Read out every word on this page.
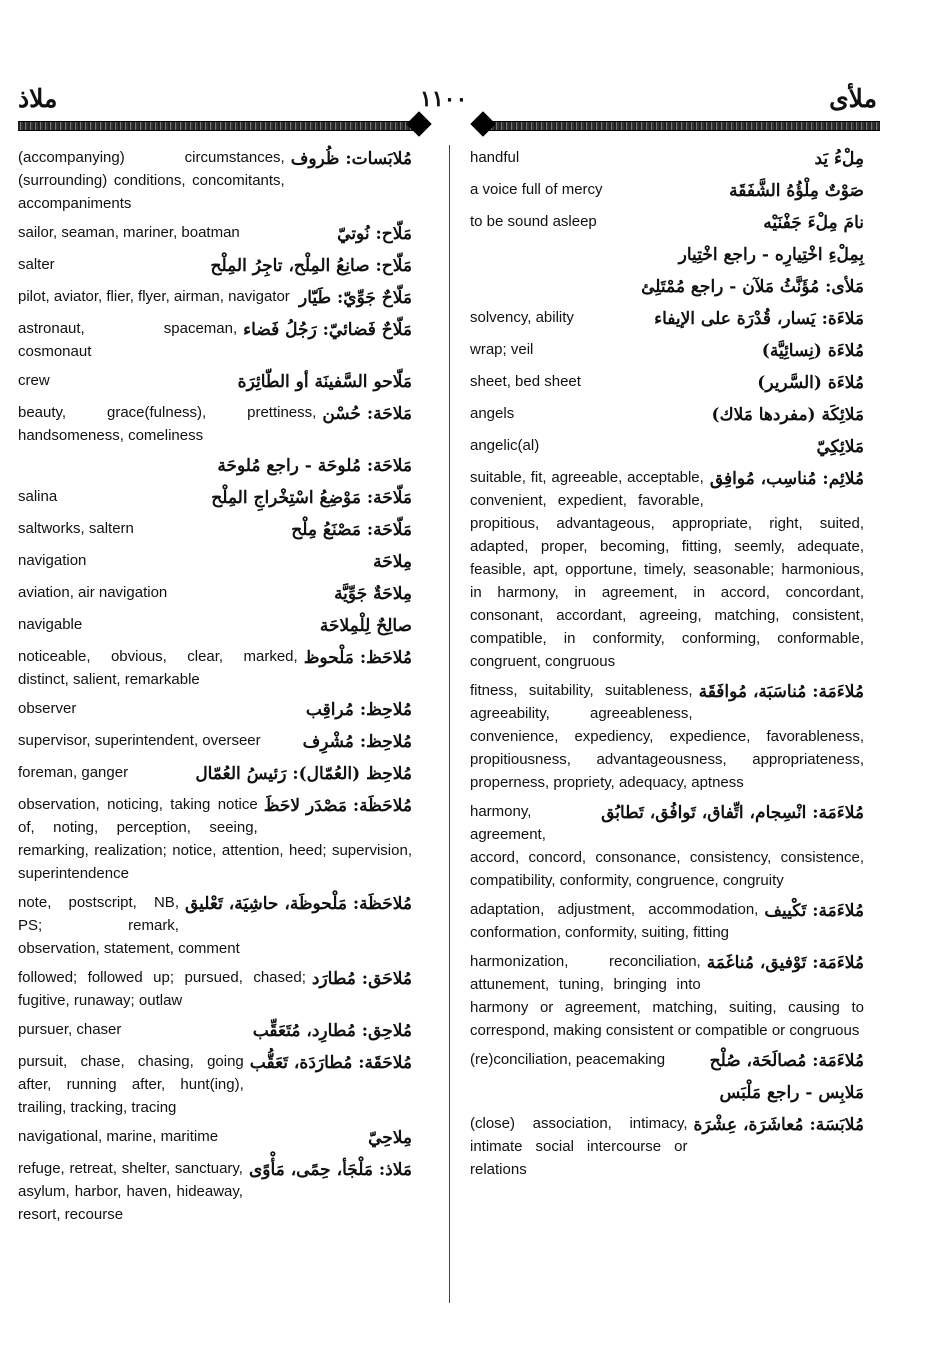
ملاذ	١١٠٠	ملأى
مُلابَسات: ظُروف
(accompanying) circumstances, (surrounding) conditions, concomitants, accompaniments
مَلّاح: نُوتيّ
sailor, seaman, mariner, boatman
مَلّاح: صانِعُ المِلْح، تاجِرُ المِلْح
salter
مَلّاحٌ جَوِّيّ: طَيّار
pilot, aviator, flier, flyer, airman, navigator
مَلّاحٌ فَضائيّ: رَجُلُ فَضاء
astronaut, spaceman, cosmonaut
مَلّاحو السَّفينَة أو الطّائِرَة
crew
مَلاحَة: حُسْن
beauty, grace(fulness), prettiness, handsomeness, comeliness
مَلاحَة: مُلوحَة - راجع مُلوحَة
مَلّاحَة: مَوْضِعُ اسْتِخْراجِ المِلْح
salina
مَلّاحَة: مَصْنَعُ مِلْح
saltworks, saltern
مِلاحَة
navigation
مِلاحَةٌ جَوِّيَّة
aviation, air navigation
صالِحٌ لِلْمِلاحَة
navigable
مُلاحَظ: مَلْحوظ
noticeable, obvious, clear, marked, distinct, salient, remarkable
مُلاحِظ: مُراقِب
observer
مُلاحِظ: مُشْرِف
supervisor, superintendent, overseer
مُلاحِظ (العُمّال): رَئيسُ العُمّال
foreman, ganger
مُلاحَظَة: مَصْدَر لاحَظَ
observation, noticing, taking notice of, noting, perception, seeing, remarking, realization; notice, attention, heed; supervision, superintendence
مُلاحَظَة: مَلْحوظَة، حاشِيَة، تَعْليق
note, postscript, NB, PS; remark, observation, statement, comment
مُلاحَق: مُطارَد
followed; followed up; pursued, chased; fugitive, runaway; outlaw
مُلاحِق: مُطارِد، مُتَعَقِّب
pursuer, chaser
مُلاحَقَة: مُطارَدَة، تَعَقُّب
pursuit, chase, chasing, going after, running after, hunt(ing), trailing, tracking, tracing
مِلاحِيّ
navigational, marine, maritime
مَلاذ: مَلْجَأ، حِمًى، مَأْوًى
refuge, retreat, shelter, sanctuary, asylum, harbor, haven, hideaway, resort, recourse
مِلْءُ يَد
handful
صَوْتٌ مِلْؤُهُ الشَّفَقَة
a voice full of mercy
نامَ مِلْءَ جَفْنَيْه
to be sound asleep
بِمِلْءِ اخْتِيارِه - راجع اخْتِيار
مَلأى: مُؤَنَّثُ مَلآن - راجع مُمْتَلِئ
مَلاءَة: يَسار، قُدْرَة على الإيفاء
solvency, ability
مُلاءَة (نِسائِيَّة)
wrap; veil
مُلاءَة (السَّرير)
sheet, bed sheet
مَلائِكَة (مفردها مَلاك)
angels
مَلائِكِيّ
angelic(al)
مُلائِم: مُناسِب، مُوافِق
suitable, fit, agreeable, acceptable, convenient, expedient, favorable, propitious, advantageous, appropriate, right, suited, adapted, proper, becoming, fitting, seemly, adequate, feasible, apt, opportune, timely, seasonable; harmonious, in harmony, in agreement, in accord, concordant, consonant, accordant, agreeing, matching, consistent, compatible, in conformity, conforming, conformable, congruent, congruous
مُلاءَمَة: مُناسَبَة، مُوافَقَة
fitness, suitability, suitableness, agreeability, agreeableness, convenience, expediency, expedience, favorableness, propitiousness, advantageousness, appropriateness, properness, propriety, adequacy, aptness
مُلاءَمَة: انْسِجام، اتِّفاق، تَوافُق، تَطابُق
harmony, agreement, accord, concord, consonance, consistency, consistence, compatibility, conformity, congruence, congruity
مُلاءَمَة: تَكْييف
adaptation, adjustment, accommodation, conformation, conformity, suiting, fitting
مُلاءَمَة: تَوْفيق، مُناغَمَة
harmonization, reconciliation, attunement, tuning, bringing into harmony or agreement, matching, suiting, causing to correspond, making consistent or compatible or congruous
مُلاءَمَة: مُصالَحَة، صُلْح
(re)conciliation, peacemaking
مَلابِس - راجع مَلْبَس
مُلابَسَة: مُعاشَرَة، عِشْرَة
(close) association, intimacy, intimate social intercourse or relations
